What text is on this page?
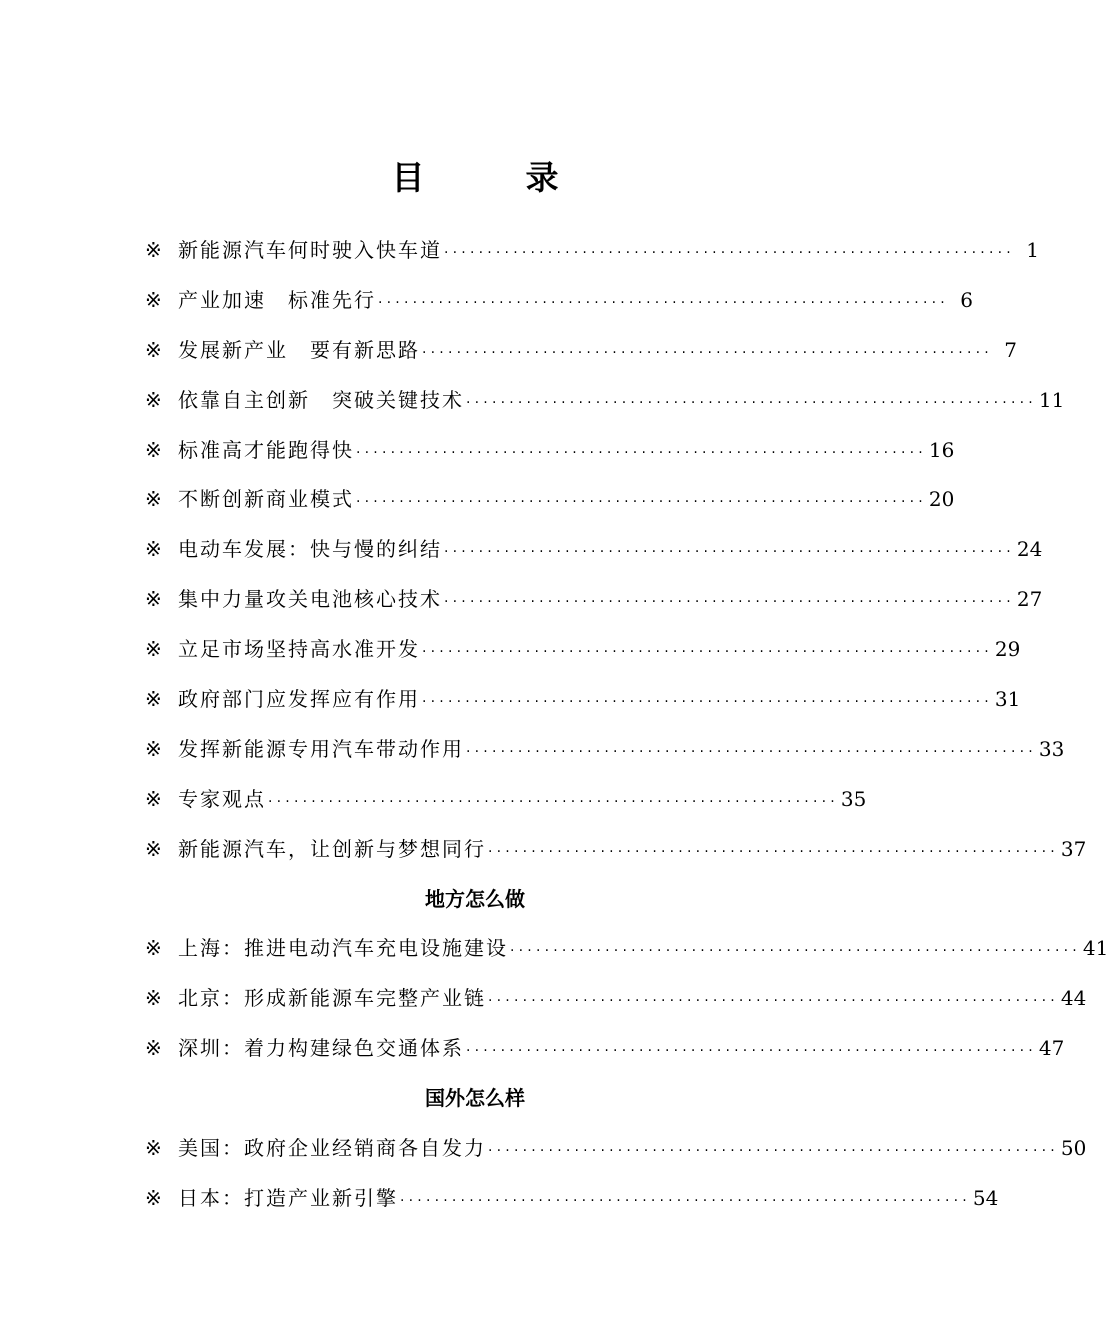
目　录
※ 新能源汽车何时驶入快车道 ·································································· 1
※ 产业加速　标准先行 ·································································· 6
※ 发展新产业　要有新思路 ·································································· 7
※ 依靠自主创新　突破关键技术 ·································································· 11
※ 标准高才能跑得快 ·································································· 16
※ 不断创新商业模式 ·································································· 20
※ 电动车发展：快与慢的纠结 ·································································· 24
※ 集中力量攻关电池核心技术 ·································································· 27
※ 立足市场坚持高水准开发 ·································································· 29
※ 政府部门应发挥应有作用 ·································································· 31
※ 发挥新能源专用汽车带动作用 ·································································· 33
※ 专家观点 ·································································· 35
※ 新能源汽车，让创新与梦想同行 ·································································· 37
地方怎么做
※ 上海：推进电动汽车充电设施建设 ·································································· 41
※ 北京：形成新能源车完整产业链 ·································································· 44
※ 深圳：着力构建绿色交通体系 ·································································· 47
国外怎么样
※ 美国：政府企业经销商各自发力 ·································································· 50
※ 日本：打造产业新引擎 ·································································· 54
